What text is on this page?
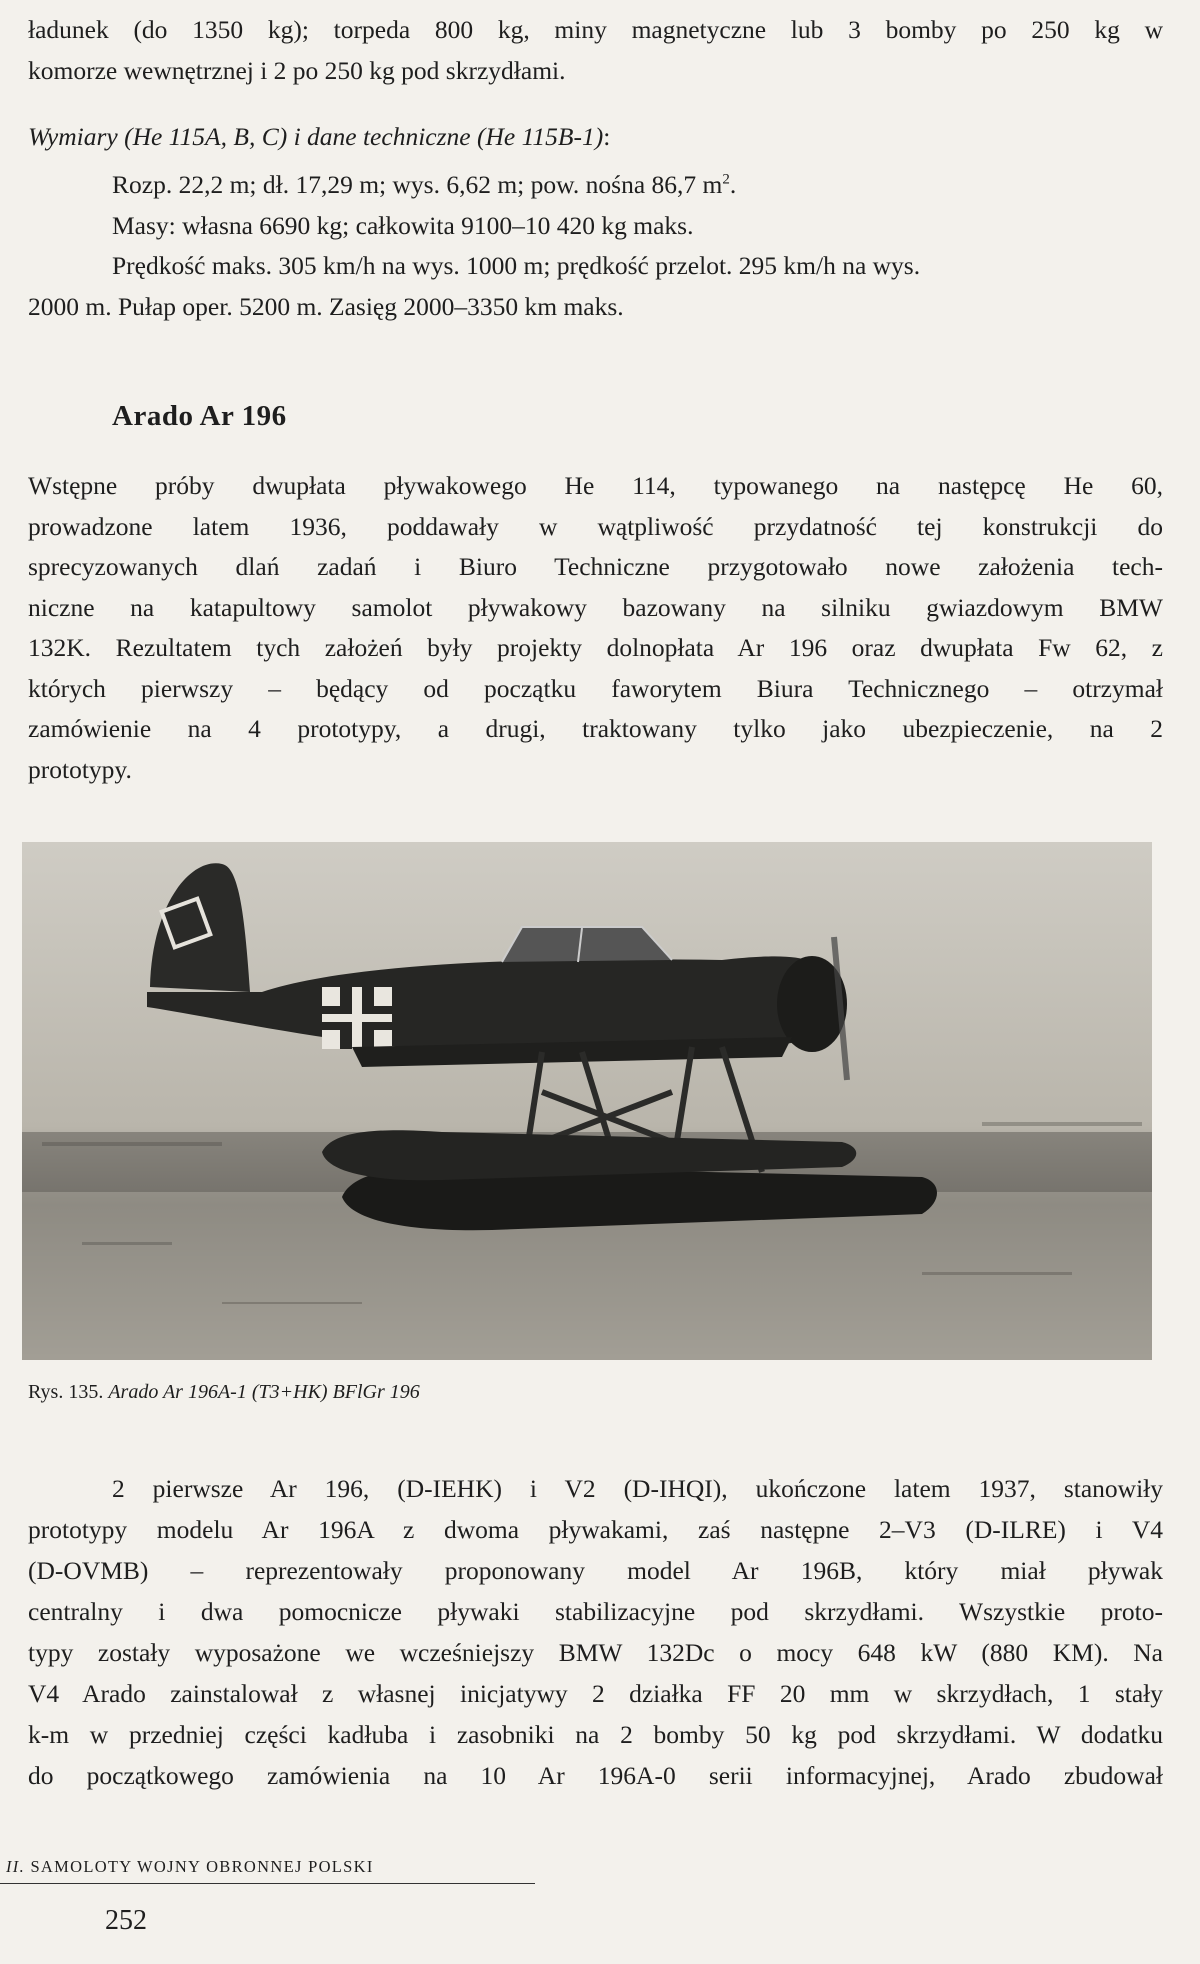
ładunek (do 1350 kg); torpeda 800 kg, miny magnetyczne lub 3 bomby po 250 kg w
komorze wewnętrznej i 2 po 250 kg pod skrzydłami.
Wymiary (He 115A, B, C) i dane techniczne (He 115B-1):
Rozp. 22,2 m; dł. 17,29 m; wys. 6,62 m; pow. nośna 86,7 $m^2$.
Masy: własna 6690 kg; całkowita 9100–10 420 kg maks.
Prędkość maks. 305 km/h na wys. 1000 m; prędkość przelot. 295 km/h na wys.
2000 m. Pułap oper. 5200 m. Zasięg 2000–3350 km maks.
Arado Ar 196
Wstępne próby dwupłata pływakowego He 114, typowanego na następcę He 60,
prowadzone latem 1936, poddawały w wątpliwość przydatność tej konstrukcji do
sprecyzowanych dlań zadań i Biuro Techniczne przygotowało nowe założenia tech-
niczne na katapultowy samolot pływakowy bazowany na silniku gwiazdowym BMW
132K. Rezultatem tych założeń były projekty dolnopłata Ar 196 oraz dwupłata Fw 62, z
których pierwszy – będący od początku faworytem Biura Technicznego – otrzymał
zamówienie na 4 prototypy, a drugi, traktowany tylko jako ubezpieczenie, na 2
prototypy.
Rys. 135. Arado Ar 196A-1 (T3+HK) BFlGr 196
2 pierwsze Ar 196, (D-IEHK) i V2 (D-IHQI), ukończone latem 1937, stanowiły
prototypy modelu Ar 196A z dwoma pływakami, zaś następne 2–V3 (D-ILRE) i V4
(D-OVMB) – reprezentowały proponowany model Ar 196B, który miał pływak
centralny i dwa pomocnicze pływaki stabilizacyjne pod skrzydłami. Wszystkie proto-
typy zostały wyposażone we wcześniejszy BMW 132Dc o mocy 648 kW (880 KM). Na
V4 Arado zainstalował z własnej inicjatywy 2 działka FF 20 mm w skrzydłach, 1 stały
k-m w przedniej części kadłuba i zasobniki na 2 bomby 50 kg pod skrzydłami. W dodatku
do początkowego zamówienia na 10 Ar 196A-0 serii informacyjnej, Arado zbudował
II. SAMOLOTY WOJNY OBRONNEJ POLSKI
252
